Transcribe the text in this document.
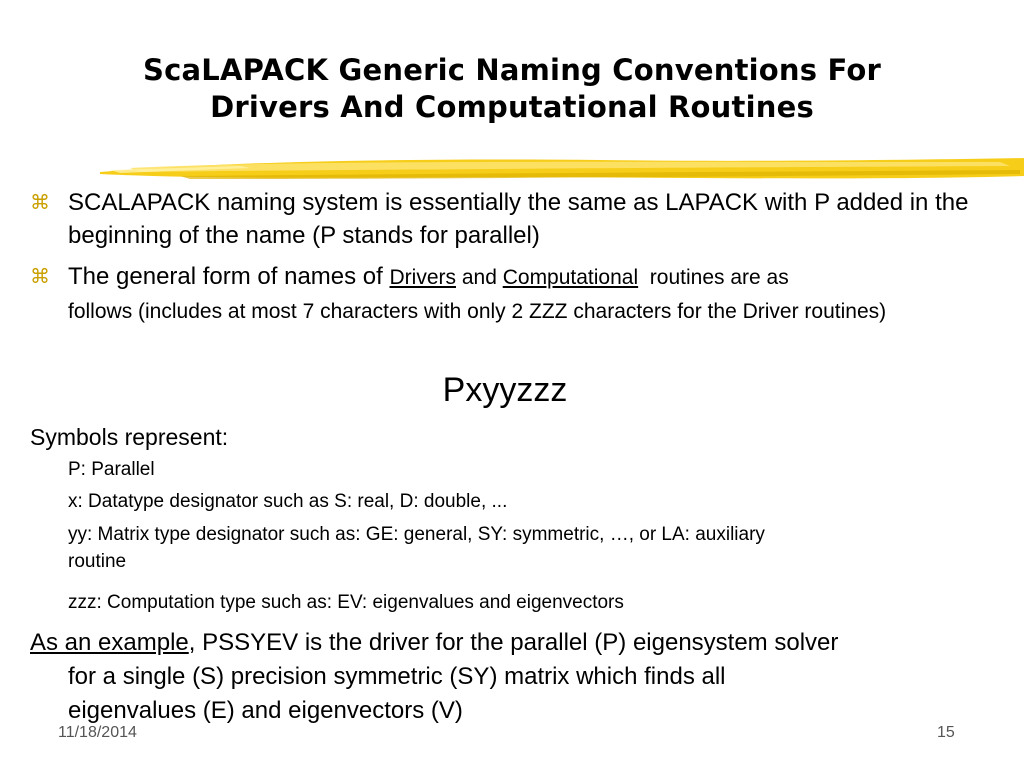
ScaLAPACK Generic Naming Conventions For
Drivers And Computational Routines
⌘ SCALAPACK naming system is essentially the same as LAPACK with P added in the beginning of the name (P stands for parallel)
⌘ The general form of names of Drivers and Computational  routines are as
follows (includes at most 7 characters with only 2 ZZZ characters for the Driver routines)
Pxyyzzz
Symbols represent:
P: Parallel
x: Datatype designator such as S: real, D: double, ...
yy: Matrix type designator such as: GE: general, SY: symmetric, …, or LA: auxiliary
routine
zzz: Computation type such as: EV: eigenvalues and eigenvectors
As an example, PSSYEV is the driver for the parallel (P) eigensystem solver
for a single (S) precision symmetric (SY) matrix which finds all
eigenvalues (E) and eigenvectors (V)
11/18/2014	15
